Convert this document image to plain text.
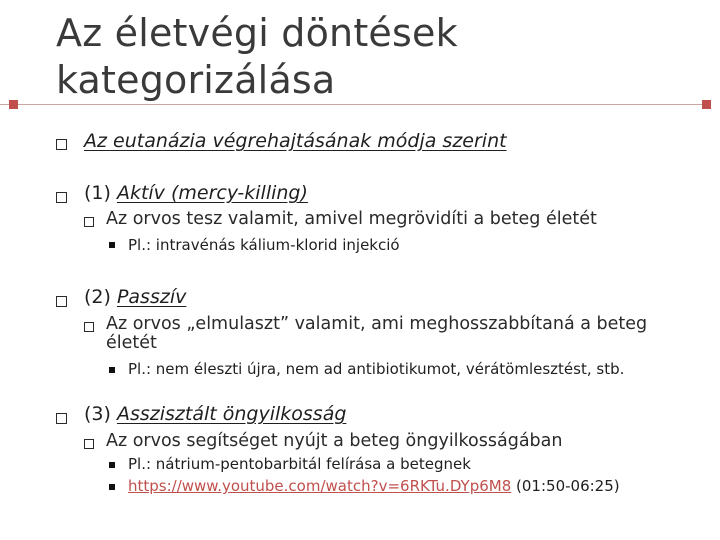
Az életvégi döntések kategorizálása
Az eutanázia végrehajtásának módja szerint
(1) Aktív (mercy-killing)
Az orvos tesz valamit, amivel megrövidíti a beteg életét
Pl.: intravénás kálium-klorid injekció
(2) Passzív
Az orvos „elmulaszt” valamit, ami meghosszabbítaná a beteg
életét
Pl.: nem éleszti újra, nem ad antibiotikumot, vérátömlesztést, stb.
(3) Asszisztált öngyilkosság
Az orvos segítséget nyújt a beteg öngyilkosságában
Pl.: nátrium-pentobarbitál felírása a betegnek
https://www.youtube.com/watch?v=6RKTu.DYp6M8 (01:50-06:25)
